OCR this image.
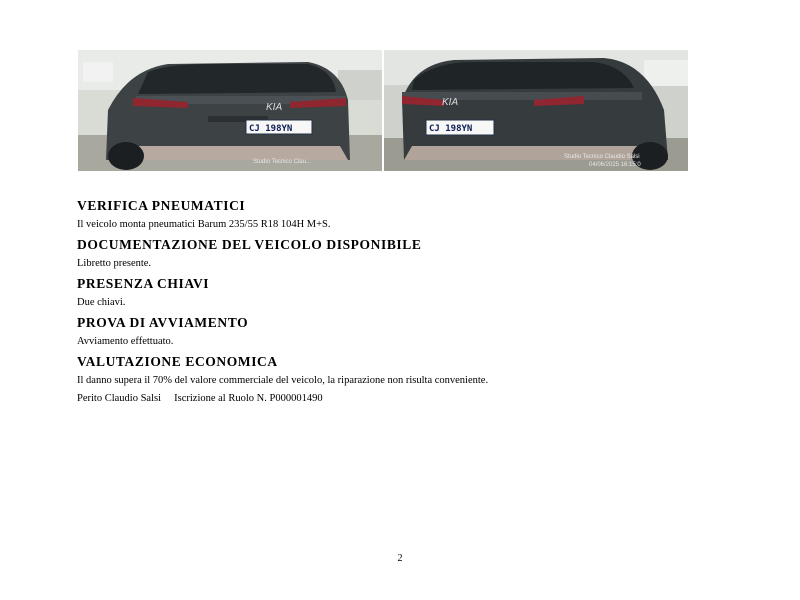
KIA
CJ 198YN
Studio Tecnico Clau...
KIA
CJ 198YN
Studio Tecnico Claudio Salsi
04/06/2025 16:15:0
VERIFICA PNEUMATICI

Il veicolo monta pneumatici Barum 235/55 R18 104H M+S.

DOCUMENTAZIONE DEL VEICOLO DISPONIBILE

Libretto presente.

PRESENZA CHIAVI

Due chiavi.

PROVA DI AVVIAMENTO

Avviamento effettuato.

VALUTAZIONE ECONOMICA

Il danno supera il 70% del valore commerciale del veicolo, la riparazione non risulta conveniente.

Perito Claudio Salsi     Iscrizione al Ruolo N. P000001490

2
